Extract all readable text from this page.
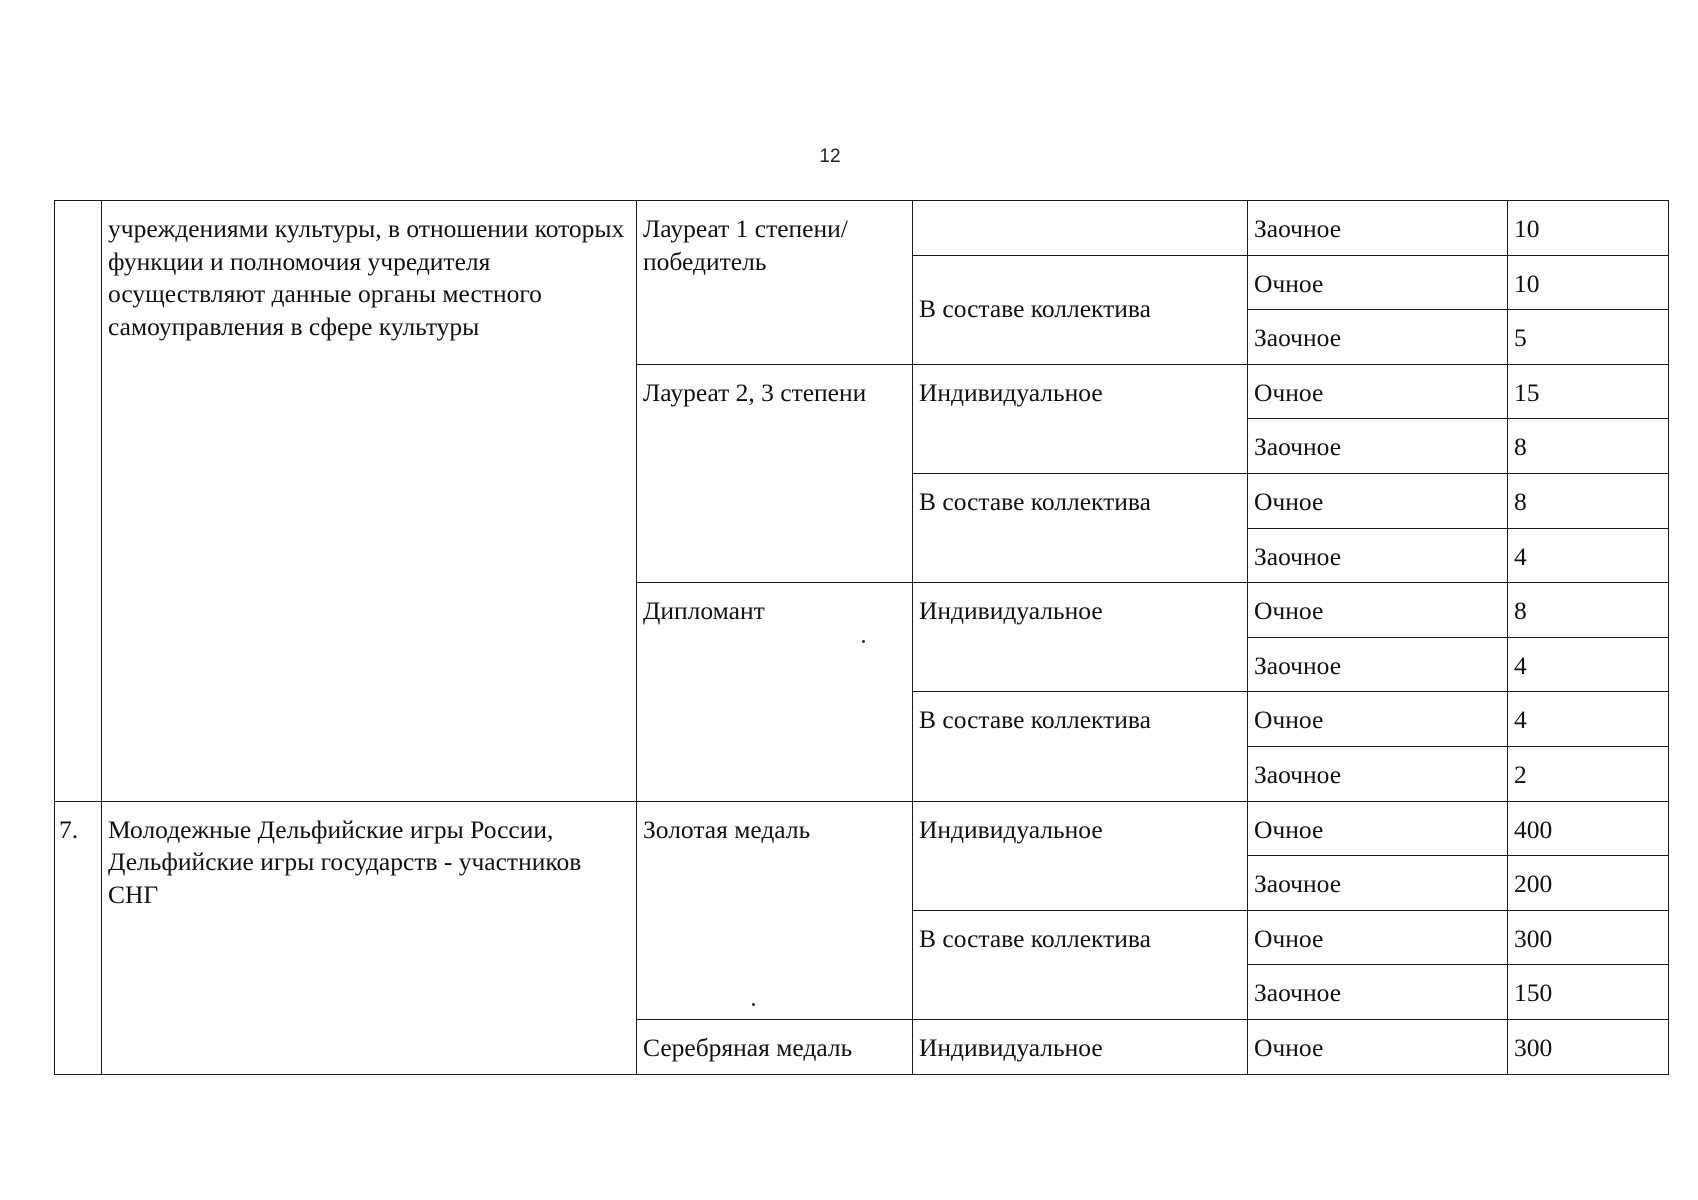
12
	учреждениями культуры, в отношении которых функции и полномочия учредителя осуществляют данные органы местного самоуправления в сфере культуры	Лауреат 1 степени/победитель		Заочное	10
			В составе коллектива	Очное	10
				Заочное	5
		Лауреат 2, 3 степени	Индивидуальное	Очное	15
				Заочное	8
			В составе коллектива	Очное	8
				Заочное	4
		Дипломант	Индивидуальное	Очное	8
				Заочное	4
			В составе коллектива	Очное	4
				Заочное	2
7.	Молодежные Дельфийские игры России, Дельфийские игры государств - участников СНГ	Золотая медаль	Индивидуальное	Очное	400
				Заочное	200
			В составе коллектива	Очное	300
				Заочное	150
		Серебряная медаль	Индивидуальное	Очное	300
